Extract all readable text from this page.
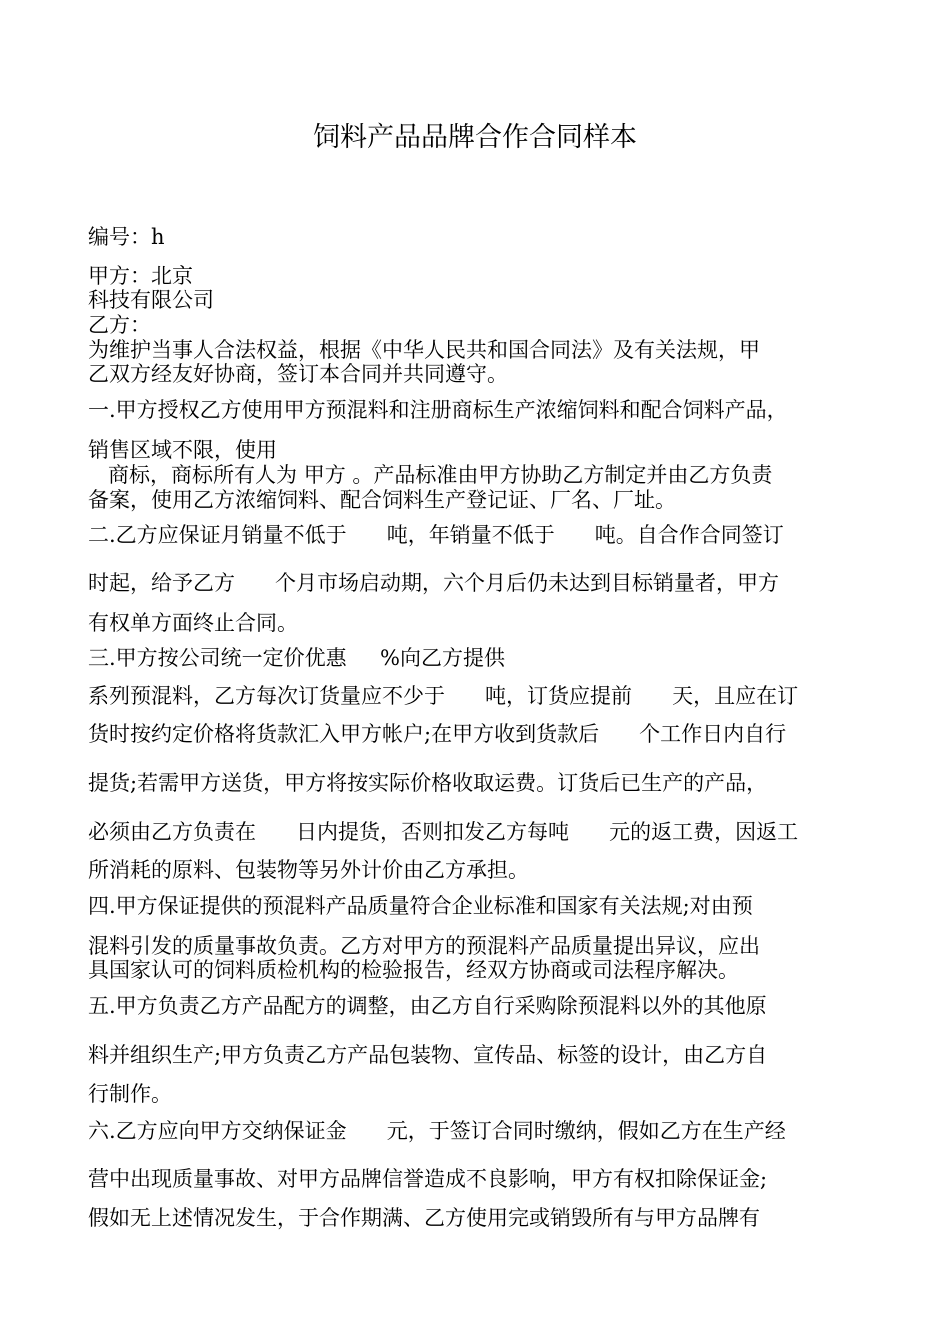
饲料产品品牌合作合同样本

编号：h

甲方：北京

科技有限公司

乙方：

为维护当事人合法权益，根据《中华人民共和国合同法》及有关法规，甲

乙双方经友好协商，签订本合同并共同遵守。

一.甲方授权乙方使用甲方预混料和注册商标生产浓缩饲料和配合饲料产品，

销售区域不限，使用

商标，商标所有人为 甲方 。产品标准由甲方协助乙方制定并由乙方负责

备案，使用乙方浓缩饲料、配合饲料生产登记证、厂名、厂址。

二.乙方应保证月销量不低于      吨，年销量不低于      吨。自合作合同签订

时起，给予乙方      个月市场启动期，六个月后仍未达到目标销量者，甲方

有权单方面终止合同。

三.甲方按公司统一定价优惠     %向乙方提供

系列预混料，乙方每次订货量应不少于      吨，订货应提前      天，且应在订

货时按约定价格将货款汇入甲方帐户;在甲方收到货款后      个工作日内自行

提货;若需甲方送货，甲方将按实际价格收取运费。订货后已生产的产品，

必须由乙方负责在      日内提货，否则扣发乙方每吨      元的返工费，因返工

所消耗的原料、包装物等另外计价由乙方承担。

四.甲方保证提供的预混料产品质量符合企业标准和国家有关法规;对由预

混料引发的质量事故负责。乙方对甲方的预混料产品质量提出异议，应出

具国家认可的饲料质检机构的检验报告，经双方协商或司法程序解决。

五.甲方负责乙方产品配方的调整，由乙方自行采购除预混料以外的其他原

料并组织生产;甲方负责乙方产品包装物、宣传品、标签的设计，由乙方自

行制作。

六.乙方应向甲方交纳保证金      元，于签订合同时缴纳，假如乙方在生产经

营中出现质量事故、对甲方品牌信誉造成不良影响，甲方有权扣除保证金;

假如无上述情况发生，于合作期满、乙方使用完或销毁所有与甲方品牌有
